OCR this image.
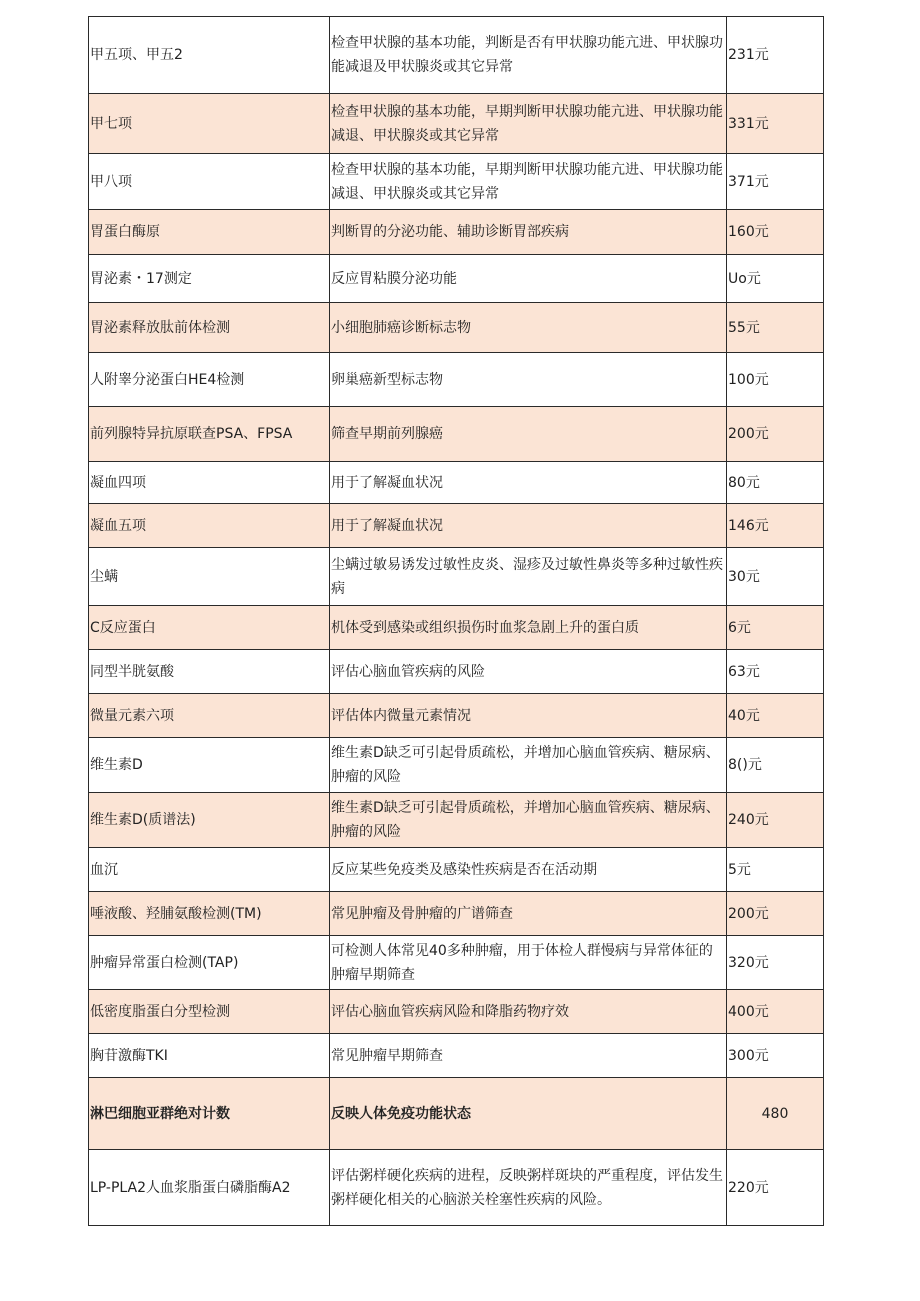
甲五项、甲五2	检查甲状腺的基本功能，判断是否有甲状腺功能亢进、甲状腺功能减退及甲状腺炎或其它异常	231元
甲七项	检查甲状腺的基本功能，早期判断甲状腺功能亢进、甲状腺功能减退、甲状腺炎或其它异常	331元
甲八项	检查甲状腺的基本功能，早期判断甲状腺功能亢进、甲状腺功能减退、甲状腺炎或其它异常	371元
胃蛋白酶原	判断胃的分泌功能、辅助诊断胃部疾病	160元
胃泌素・17测定	反应胃粘膜分泌功能	Uo元
胃泌素释放肽前体检测	小细胞肺癌诊断标志物	55元
人附睾分泌蛋白HE4检测	卵巢癌新型标志物	100元
前列腺特异抗原联查PSA、FPSA	筛查早期前列腺癌	200元
凝血四项	用于了解凝血状况	80元
凝血五项	用于了解凝血状况	146元
尘螨	尘螨过敏易诱发过敏性皮炎、湿疹及过敏性鼻炎等多种过敏性疾病	30元
C反应蛋白	机体受到感染或组织损伤时血浆急剧上升的蛋白质	6元
同型半胱氨酸	评估心脑血管疾病的风险	63元
微量元素六项	评估体内微量元素情况	40元
维生素D	维生素D缺乏可引起骨质疏松，并增加心脑血管疾病、糖尿病、肿瘤的风险	8()元
维生素D(质谱法)	维生素D缺乏可引起骨质疏松，并增加心脑血管疾病、糖尿病、肿瘤的风险	240元
血沉	反应某些免疫类及感染性疾病是否在活动期	5元
唾液酸、羟脯氨酸检测(TM)	常见肿瘤及骨肿瘤的广谱筛查	200元
肿瘤异常蛋白检测(TAP)	可检测人体常见40多种肿瘤，用于体检人群慢病与异常体征的肿瘤早期筛查	320元
低密度脂蛋白分型检测	评估心脑血管疾病风险和降脂药物疗效	400元
胸苷激酶TKI	常见肿瘤早期筛查	300元
淋巴细胞亚群绝对计数	反映人体免疫功能状态	480
LP-PLA2人血浆脂蛋白磷脂酶A2	评估粥样硬化疾病的进程，反映粥样斑块的严重程度，评估发生粥样硬化相关的心脑淤关栓塞性疾病的风险。	220元
